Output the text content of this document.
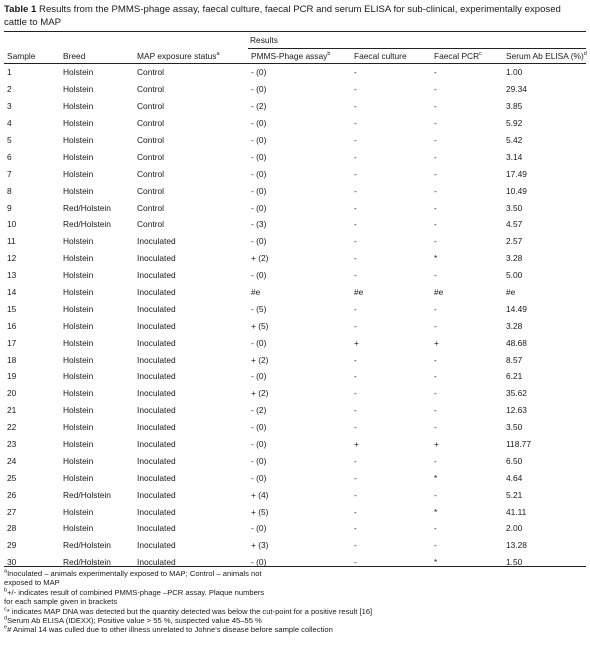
Table 1 Results from the PMMS-phage assay, faecal culture, faecal PCR and serum ELISA for sub-clinical, experimentally exposed cattle to MAP
Results
Sample	Breed	MAP exposure status$^a$	PMMS-Phage assay$^b$	Faecal culture	Faecal PCR$^c$	Serum Ab ELISA (%)$^d$
1	Holstein	Control	- (0)	-	-	1.00
2	Holstein	Control	- (0)	-	-	29.34
3	Holstein	Control	- (2)	-	-	3.85
4	Holstein	Control	- (0)	-	-	5.92
5	Holstein	Control	- (0)	-	-	5.42
6	Holstein	Control	- (0)	-	-	3.14
7	Holstein	Control	- (0)	-	-	17.49
8	Holstein	Control	- (0)	-	-	10.49
9	Red/Holstein	Control	- (0)	-	-	3.50
10	Red/Holstein	Control	- (3)	-	-	4.57
11	Holstein	Inoculated	- (0)	-	-	2.57
12	Holstein	Inoculated	+ (2)	-	*	3.28
13	Holstein	Inoculated	- (0)	-	-	5.00
14	Holstein	Inoculated	#e	#e	#e	#e
15	Holstein	Inoculated	- (5)	-	-	14.49
16	Holstein	Inoculated	+ (5)	-	-	3.28
17	Holstein	Inoculated	- (0)	+	+	48.68
18	Holstein	Inoculated	+ (2)	-	-	8.57
19	Holstein	Inoculated	- (0)	-	-	6.21
20	Holstein	Inoculated	+ (2)	-	-	35.62
21	Holstein	Inoculated	- (2)	-	-	12.63
22	Holstein	Inoculated	- (0)	-	-	3.50
23	Holstein	Inoculated	- (0)	+	+	118.77
24	Holstein	Inoculated	- (0)	-	-	6.50
25	Holstein	Inoculated	- (0)	-	*	4.64
26	Red/Holstein	Inoculated	+ (4)	-	-	5.21
27	Holstein	Inoculated	+ (5)	-	*	41.11
28	Holstein	Inoculated	- (0)	-	-	2.00
29	Red/Holstein	Inoculated	+ (3)	-	-	13.28
30	Red/Holstein	Inoculated	- (0)	-	*	1.50
$^a$Inoculated – animals experimentally exposed to MAP; Control – animals not
exposed to MAP
$^b$+/- indicates result of combined PMMS-phage –PCR assay. Plaque numbers
for each sample given in brackets
$^c$* indicates MAP DNA was detected but the quantity detected was below the cut-point for a positive result [16]
$^d$Serum Ab ELISA (IDEXX); Positive value > 55 %, suspected value 45–55 %
$^e$# Animal 14 was culled due to other illness unrelated to Johne’s disease before sample collection
